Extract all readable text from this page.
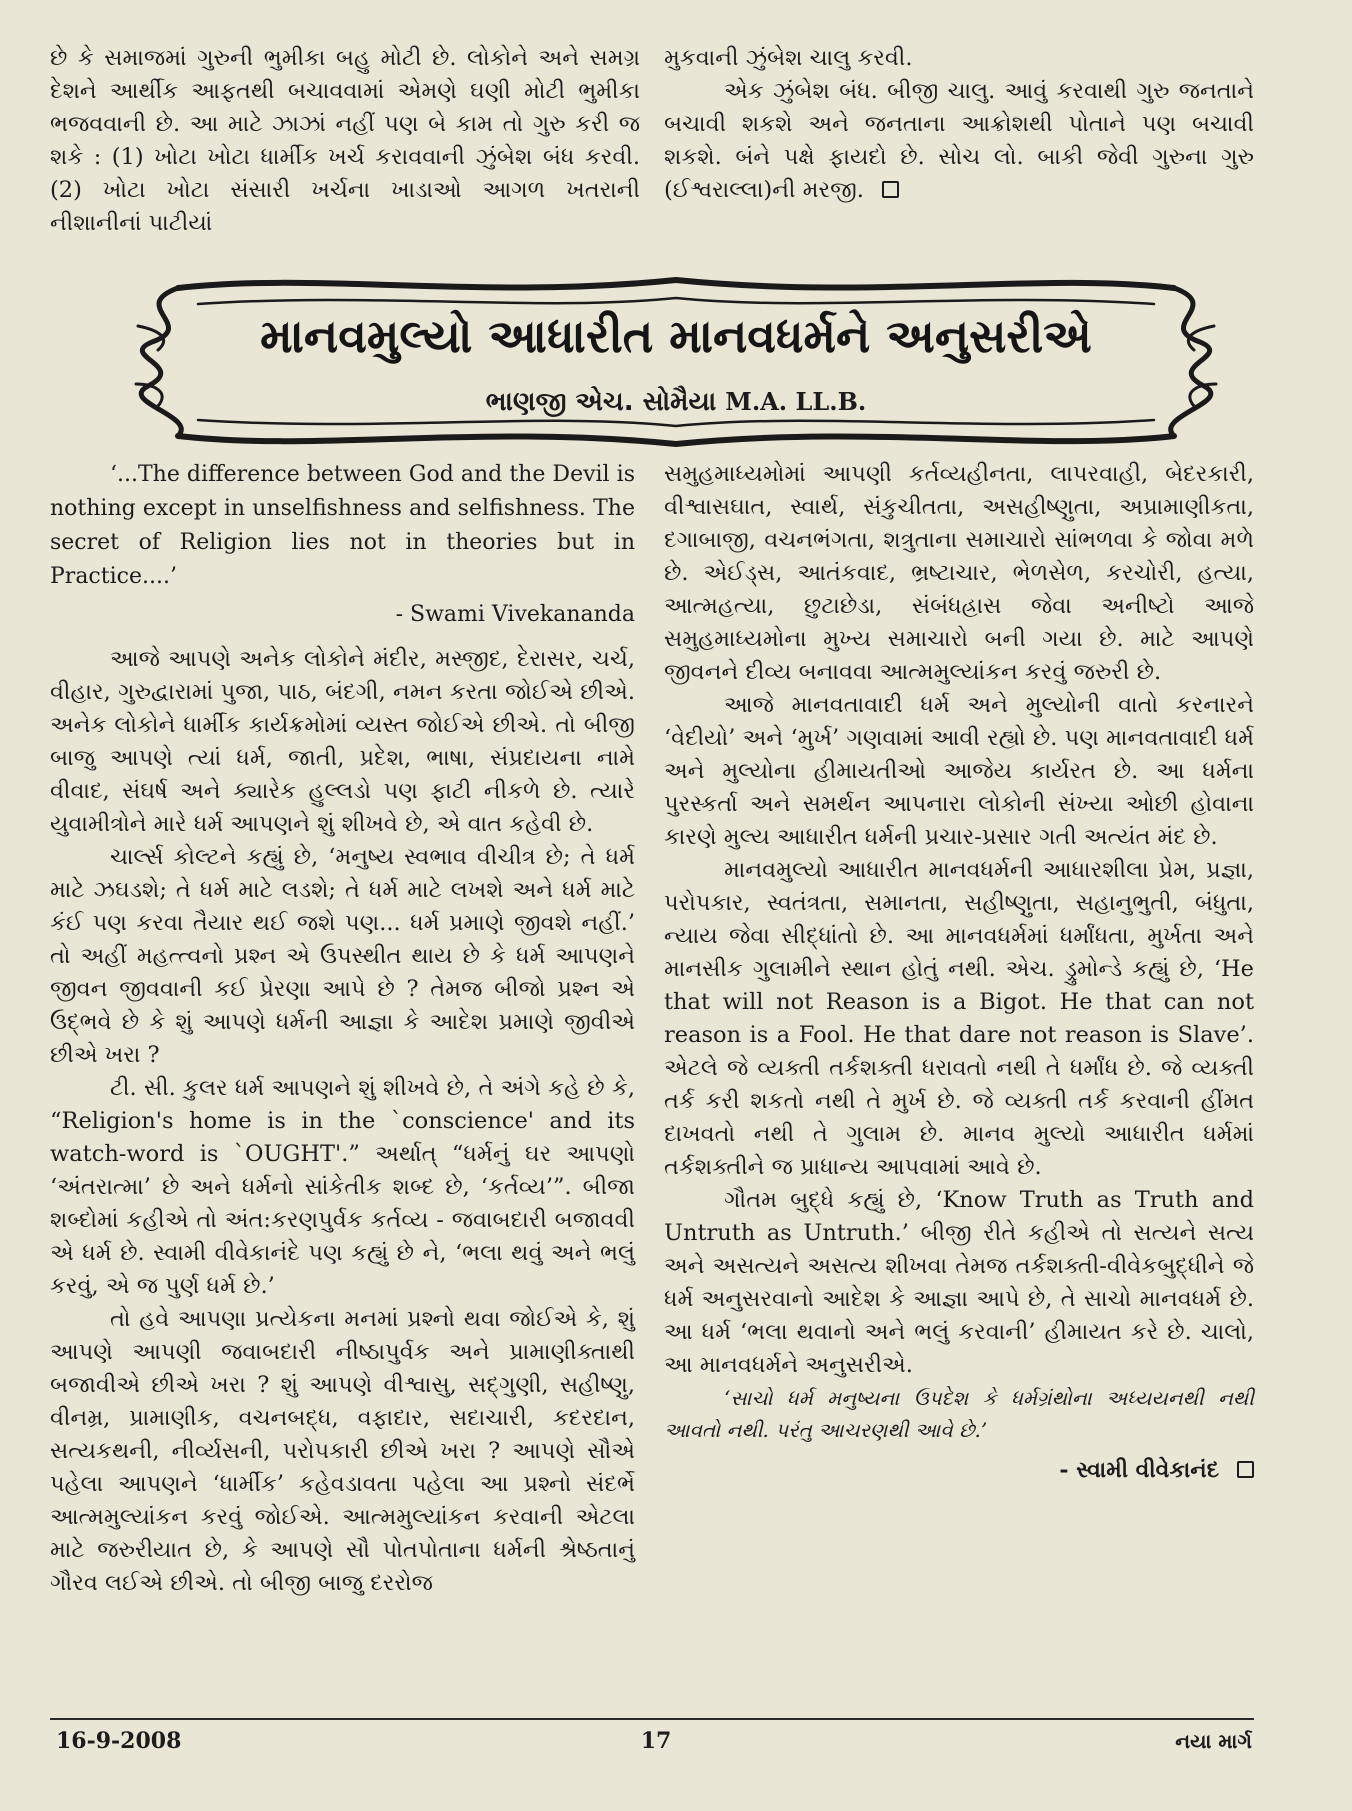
છે કે સમાજમાં ગુરુની ભુમીકા બહુ મોટી છે. લોકોને અને સમગ્ર દેશને આર્થીક આફતથી બચાવવામાં એમણે ઘણી મોટી ભુમીકા ભજવવાની છે. આ માટે ઝાઝાં નહીં પણ બે કામ તો ગુરુ કરી જ શકે : (1) ખોટા ખોટા ધાર્મીક ખર્ચ કરાવવાની ઝુંબેશ બંધ કરવી. (2) ખોટા ખોટા સંસારી ખર્ચના ખાડાઓ આગળ ખતરાની નીશાનીનાં પાટીયાં

મુકવાની ઝુંબેશ ચાલુ કરવી.

એક ઝુંબેશ બંધ. બીજી ચાલુ. આવું કરવાથી ગુરુ જનતાને બચાવી શકશે અને જનતાના આક્રોશથી પોતાને પણ બચાવી શકશે. બંને પક્ષે ફાયદો છે. સોચ લો. બાકી જેવી ગુરુના ગુરુ (ઈશ્વરાલ્લા)ની મરજી.

માનવમુલ્યો આધારીત માનવધર્મને અનુસરીએ
ભાણજી એચ. સોમૈયા M.A. LL.B.

‘...The difference between God and the Devil is nothing except in unselfishness and selfishness. The secret of Religion lies not in theories but in Practice....’

- Swami Vivekananda

આજે આપણે અનેક લોકોને મંદીર, મસ્જીદ, દેરાસર, ચર્ચ, વીહાર, ગુરુદ્વારામાં પુજા, પાઠ, બંદગી, નમન કરતા જોઈએ છીએ. અનેક લોકોને ધાર્મીક કાર્યક્રમોમાં વ્યસ્ત જોઈએ છીએ. તો બીજી બાજુ આપણે ત્યાં ધર્મ, જાતી, પ્રદેશ, ભાષા, સંપ્રદાયના નામે વીવાદ, સંઘર્ષ અને ક્યારેક હુલ્લડો પણ ફાટી નીકળે છે. ત્યારે યુવામીત્રોને મારે ધર્મ આપણને શું શીખવે છે, એ વાત કહેવી છે.

ચાર્લ્સ કોલ્ટને કહ્યું છે, ‘મનુષ્ય સ્વભાવ વીચીત્ર છે; તે ધર્મ માટે ઝઘડશે; તે ધર્મ માટે લડશે; તે ધર્મ માટે લખશે અને ધર્મ માટે કંઈ પણ કરવા તૈયાર થઈ જશે પણ... ધર્મ પ્રમાણે જીવશે નહીં.’ તો અહીં મહત્ત્વનો પ્રશ્ન એ ઉપસ્થીત થાય છે કે ધર્મ આપણને જીવન જીવવાની કઈ પ્રેરણા આપે છે ? તેમજ બીજો પ્રશ્ન એ ઉદ્‌ભવે છે કે શું આપણે ધર્મની આજ્ઞા કે આદેશ પ્રમાણે જીવીએ છીએ ખરા ?

ટી. સી. કુલર ધર્મ આપણને શું શીખવે છે, તે અંગે કહે છે કે, “Religion's home is in the `conscience' and its watch-word is `OUGHT'.” અર્થાત્ “ધર્મનું ઘર આપણો ‘અંતરાત્મા’ છે અને ધર્મનો સાંકેતીક શબ્દ છે, ‘કર્તવ્ય’”. બીજા શબ્દોમાં કહીએ તો અંત:કરણપુર્વક કર્તવ્ય - જવાબદારી બજાવવી એ ધર્મ છે. સ્વામી વીવેકાનંદે પણ કહ્યું છે ને, ‘ભલા થવું અને ભલું કરવું, એ જ પુર્ણ ધર્મ છે.’

તો હવે આપણા પ્રત્યેકના મનમાં પ્રશ્નો થવા જોઈએ કે, શું આપણે આપણી જવાબદારી નીષ્ઠાપુર્વક અને પ્રામાણીક્તાથી બજાવીએ છીએ ખરા ? શું આપણે વીશ્વાસુ, સદ્‌ગુણી, સહીષ્ણુ, વીનમ્ર, પ્રામાણીક, વચનબદ્ધ, વફાદાર, સદાચારી, કદરદાન, સત્યકથની, નીર્વ્યસની, પરોપકારી છીએ ખરા ? આપણે સૌએ પહેલા આપણને ‘ધાર્મીક’ કહેવડાવતા પહેલા આ પ્રશ્નો સંદર્ભે આત્મમુલ્યાંકન કરવું જોઈએ. આત્મમુલ્યાંકન કરવાની એટલા માટે જરુરીયાત છે, કે આપણે સૌ પોતપોતાના ધર્મની શ્રેષ્ઠતાનું ગૌરવ લઈએ છીએ. તો બીજી બાજુ દરરોજ

સમુહમાધ્યમોમાં આપણી કર્તવ્યહીનતા, લાપરવાહી, બેદરકારી, વીશ્વાસઘાત, સ્વાર્થ, સંકુચીતતા, અસહીષ્ણુતા, અપ્રામાણીકતા, દગાબાજી, વચનભંગતા, શત્રુતાના સમાચારો સાંભળવા કે જોવા મળે છે. એઈડ્સ, આતંકવાદ, ભ્રષ્ટાચાર, ભેળસેળ, કરચોરી, હત્યા, આત્મહત્યા, છુટાછેડા, સંબંધહ્રાસ જેવા અનીષ્ટો આજે સમુહમાધ્યમોના મુખ્ય સમાચારો બની ગયા છે. માટે આપણે જીવનને દીવ્ય બનાવવા આત્મમુલ્યાંકન કરવું જરુરી છે.

આજે માનવતાવાદી ધર્મ અને મુલ્યોની વાતો કરનારને ‘વેદીયો’ અને ‘મુર્ખ’ ગણવામાં આવી રહ્યો છે. પણ માનવતાવાદી ધર્મ અને મુલ્યોના હીમાયતીઓ આજેય કાર્યરત છે. આ ધર્મના પુરસ્કર્તા અને સમર્થન આપનારા લોકોની સંખ્યા ઓછી હોવાના કારણે મુલ્ય આધારીત ધર્મની પ્રચાર-પ્રસાર ગતી અત્યંત મંદ છે.

માનવમુલ્યો આધારીત માનવધર્મની આધારશીલા પ્રેમ, પ્રજ્ઞા, પરોપકાર, સ્વતંત્રતા, સમાનતા, સહીષ્ણુતા, સહાનુભુતી, બંધુતા, ન્યાય જેવા સીદ્ધાંતો છે. આ માનવધર્મમાં ધર્માંધતા, મુર્ખતા અને માનસીક ગુલામીને સ્થાન હોતું નથી. એચ. ડ્રુમોન્ડે કહ્યું છે, ‘He that will not Reason is a Bigot. He that can not reason is a Fool. He that dare not reason is Slave’. એટલે જે વ્યક્તી તર્કશક્તી ધરાવતો નથી તે ધર્માંધ છે. જે વ્યક્તી તર્ક કરી શકતો નથી તે મુર્ખ છે. જે વ્યક્તી તર્ક કરવાની હીંમત દાખવતો નથી તે ગુલામ છે. માનવ મુલ્યો આધારીત ધર્મમાં તર્કશક્તીને જ પ્રાધાન્ય આપવામાં આવે છે.

ગૌતમ બુદ્ધે કહ્યું છે, ‘Know Truth as Truth and Untruth as Untruth.’ બીજી રીતે કહીએ તો સત્યને સત્ય અને અસત્યને અસત્ય શીખવા તેમજ તર્કશક્તી-વીવેકબુદ્ધીને જે ધર્મ અનુસરવાનો આદેશ કે આજ્ઞા આપે છે, તે સાચો માનવધર્મ છે. આ ધર્મ ‘ભલા થવાનો અને ભલું કરવાની’ હીમાયત કરે છે. ચાલો, આ માનવધર્મને અનુસરીએ.

‘સાચો ધર્મ મનુષ્યના ઉપદેશ કે ધર્મગ્રંથોના અધ્યયનથી નથી આવતો નથી. પરંતુ આચરણથી આવે છે.’

- સ્વામી વીવેકાનંદ
16-9-2008	17	નયા માર્ગ
